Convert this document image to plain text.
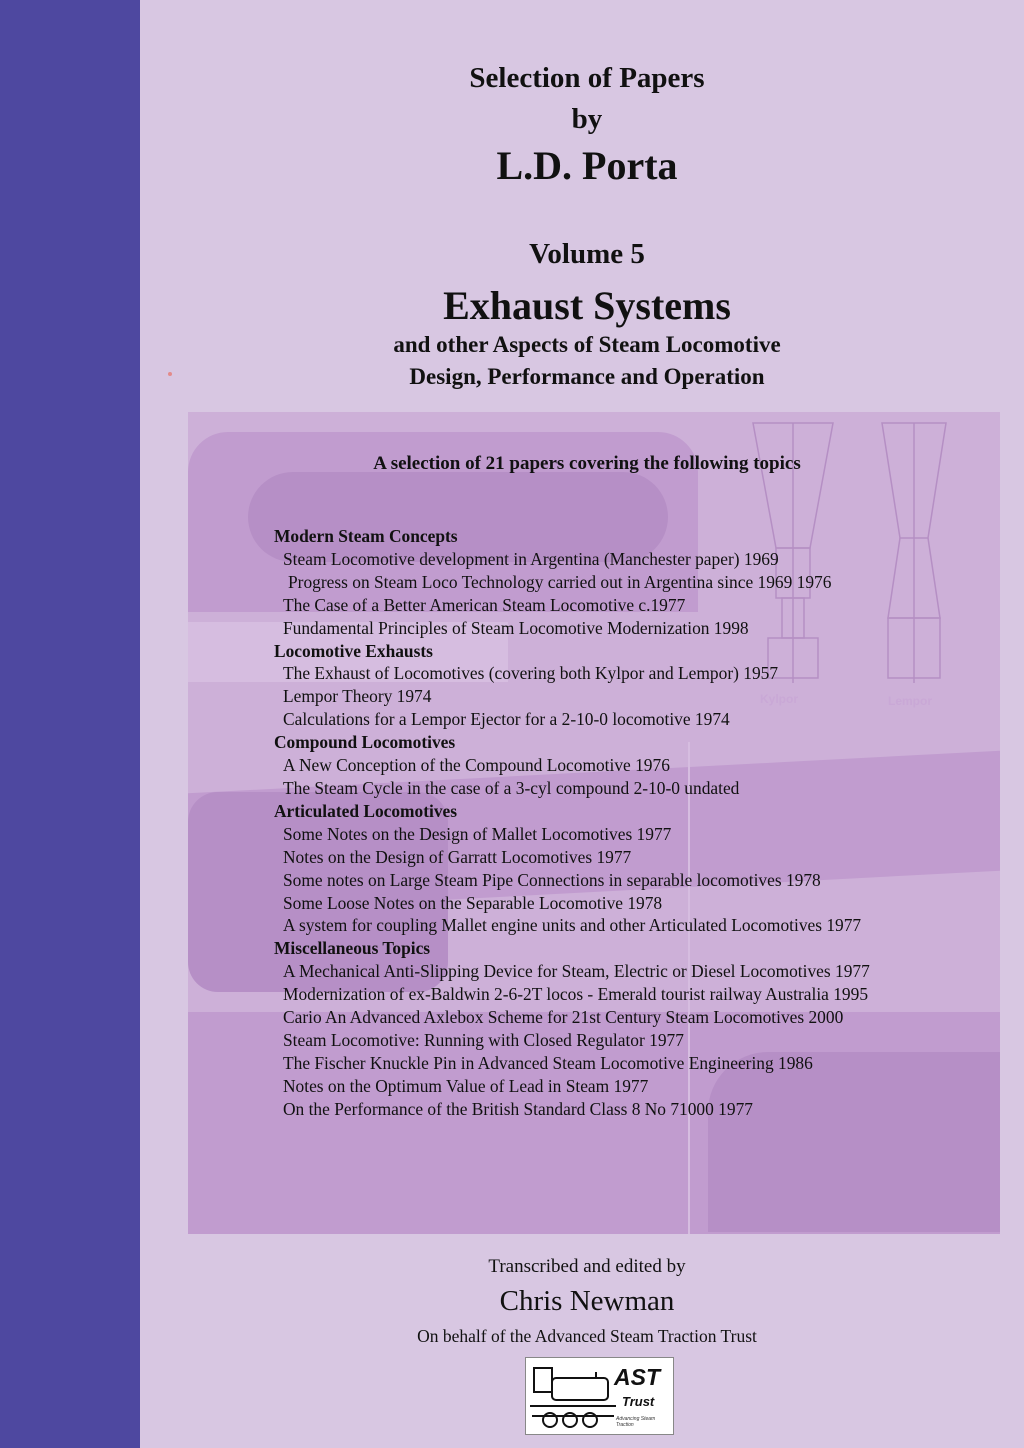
Selection of Papers
by
L.D. Porta
Volume 5
Exhaust Systems
and other Aspects of Steam Locomotive
Design, Performance and Operation
Kylpor	Lempor
A selection of 21 papers covering the following topics
Modern Steam Concepts
Steam Locomotive development in Argentina (Manchester paper) 1969
Progress on Steam Loco Technology carried out in Argentina since 1969 1976
The Case of a Better American Steam Locomotive c.1977
Fundamental Principles of Steam Locomotive Modernization 1998
Locomotive Exhausts
The Exhaust of Locomotives (covering both Kylpor and Lempor) 1957
Lempor Theory 1974
Calculations for a Lempor Ejector for a 2-10-0 locomotive 1974
Compound Locomotives
A New Conception of the Compound Locomotive 1976
The Steam Cycle in the case of a 3-cyl compound 2-10-0 undated
Articulated Locomotives
Some Notes on the Design of Mallet Locomotives 1977
Notes on the Design of Garratt Locomotives 1977
Some notes on Large Steam Pipe Connections in separable locomotives 1978
Some Loose Notes on the Separable Locomotive 1978
A system for coupling Mallet engine units and other Articulated Locomotives 1977
Miscellaneous Topics
A Mechanical Anti-Slipping Device for Steam, Electric or Diesel Locomotives 1977
Modernization of ex-Baldwin 2-6-2T locos - Emerald tourist railway Australia 1995
Cario An Advanced Axlebox Scheme for 21st Century Steam Locomotives 2000
Steam Locomotive: Running with Closed Regulator 1977
The Fischer Knuckle Pin in Advanced Steam Locomotive Engineering 1986
Notes on the Optimum Value of Lead in Steam 1977
On the Performance of the British Standard Class 8 No 71000 1977
Transcribed and edited by
Chris Newman
On behalf of the Advanced Steam Traction Trust
AST
Trust
Advancing Steam Traction
